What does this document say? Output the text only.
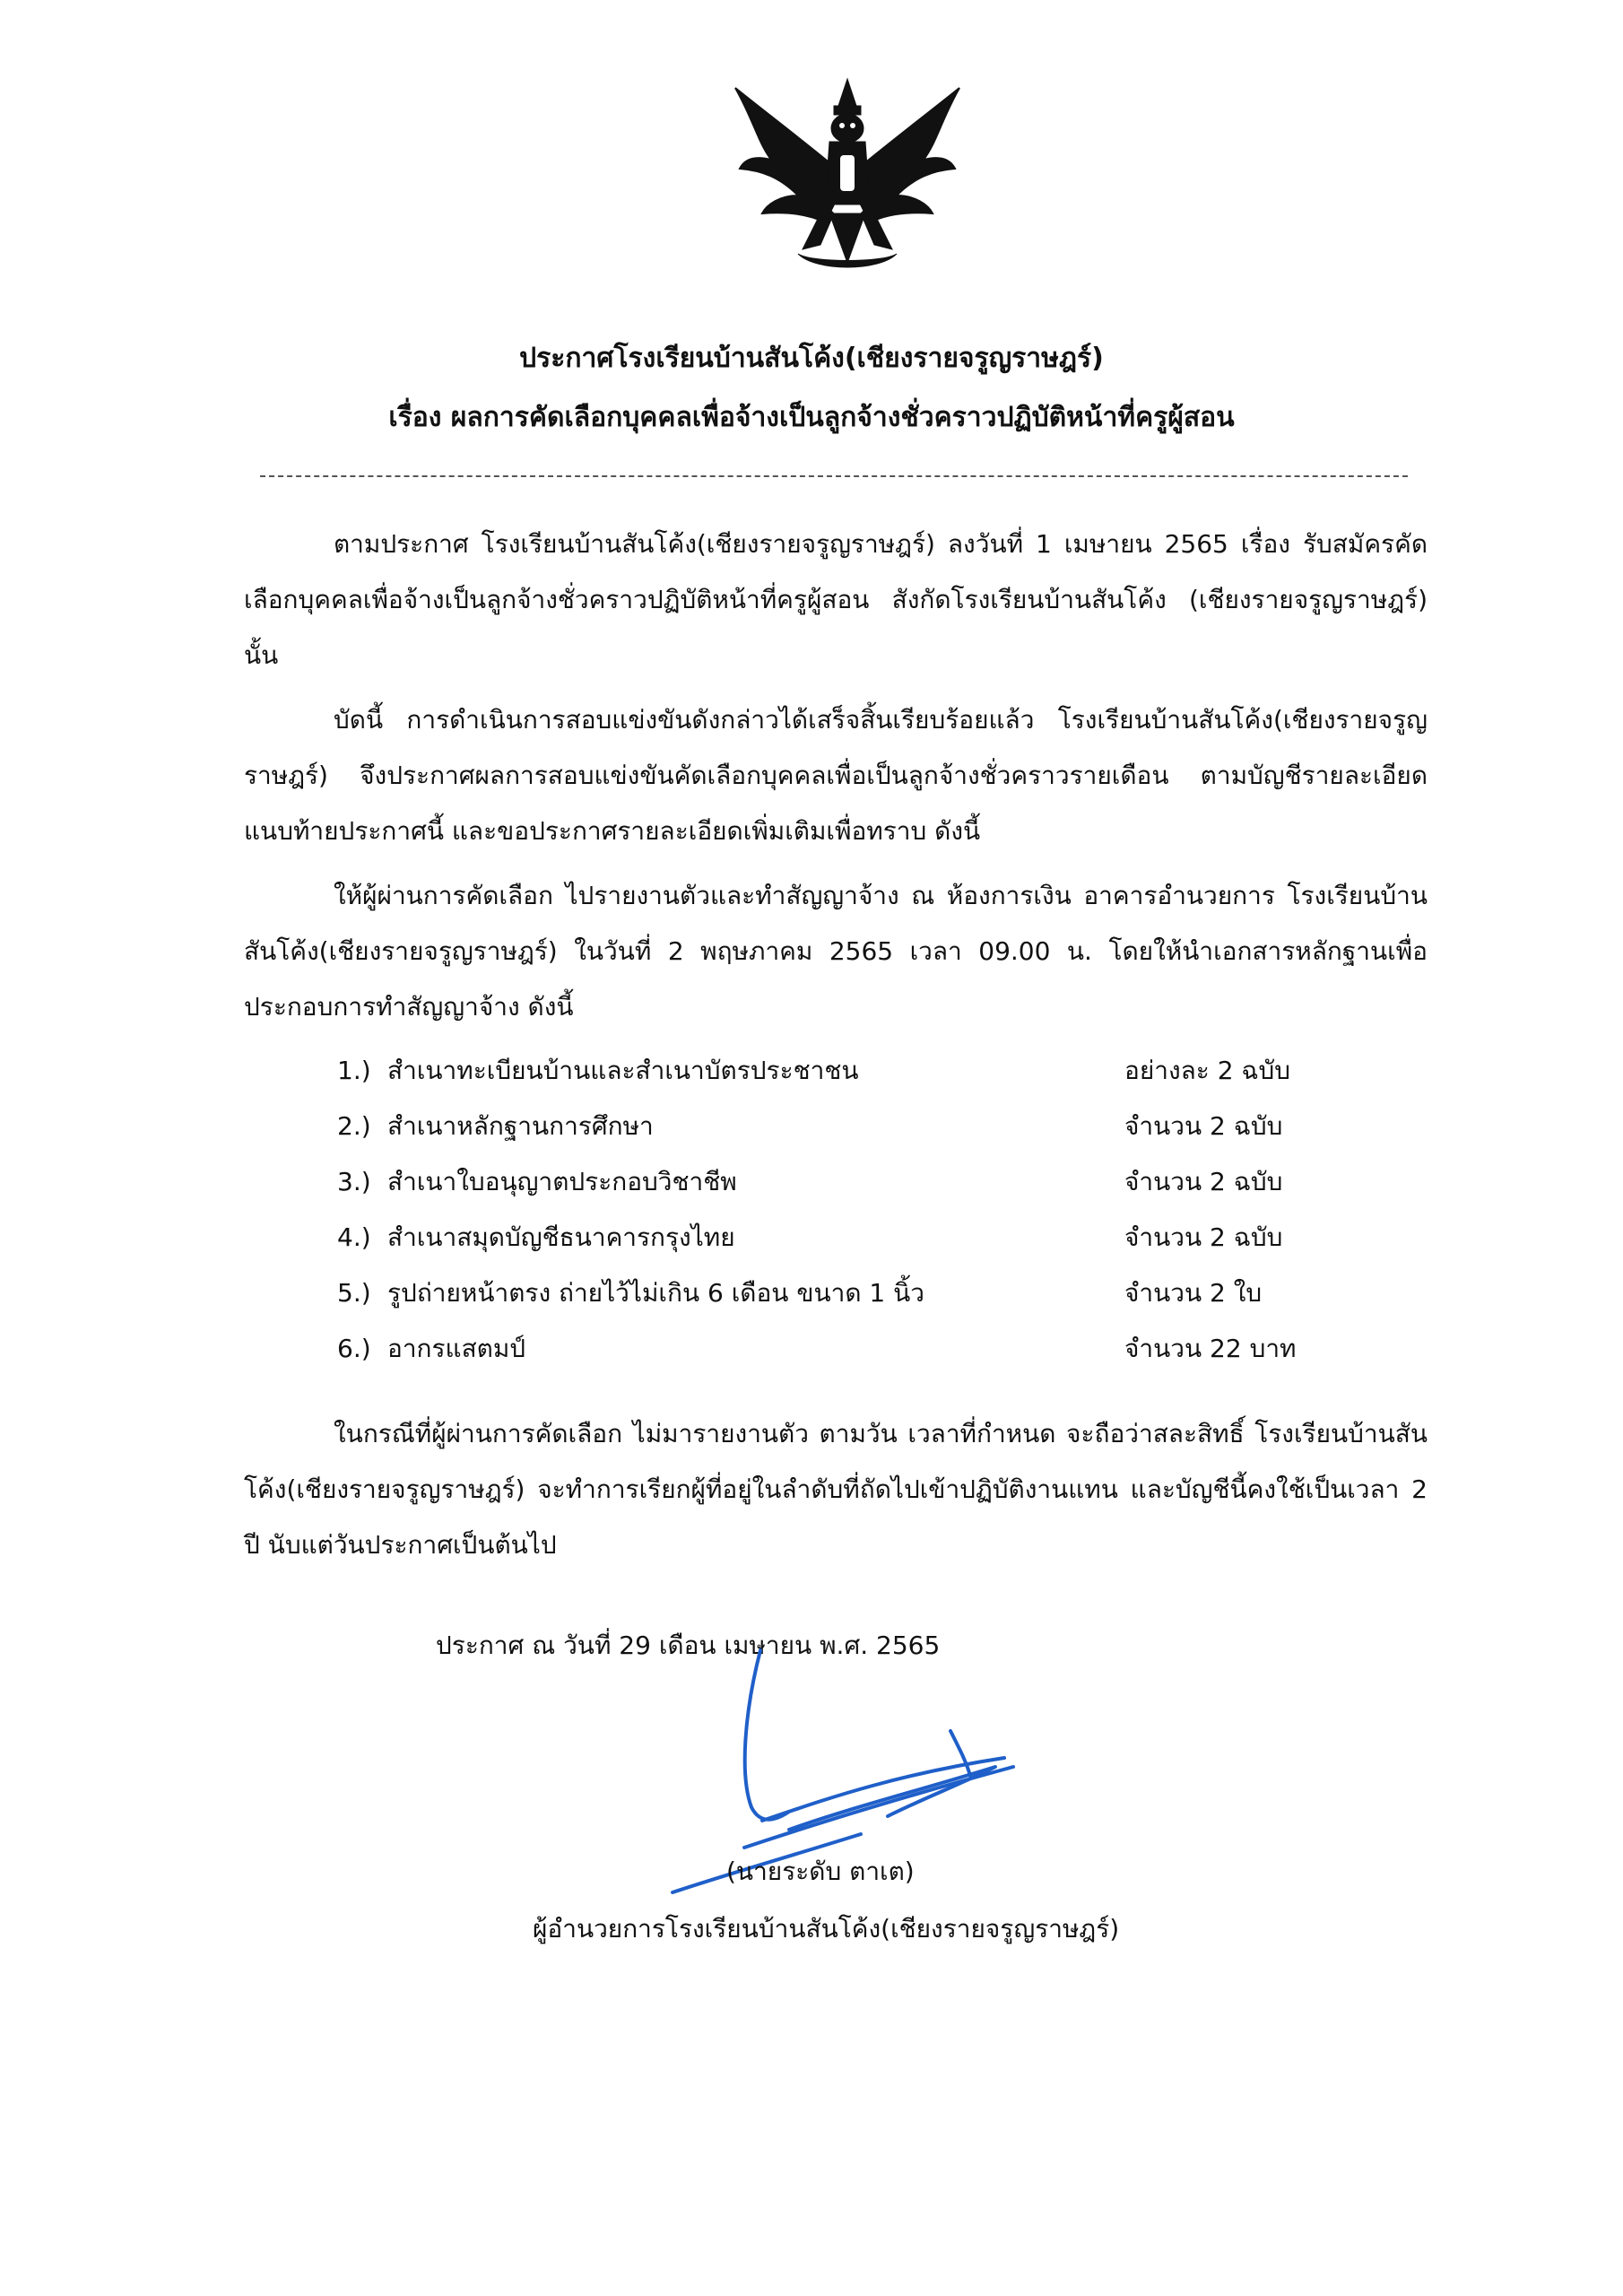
ประกาศโรงเรียนบ้านสันโค้ง(เชียงรายจรูญราษฎร์)
เรื่อง ผลการคัดเลือกบุคคลเพื่อจ้างเป็นลูกจ้างชั่วคราวปฏิบัติหน้าที่ครูผู้สอน
ตามประกาศ โรงเรียนบ้านสันโค้ง(เชียงรายจรูญราษฎร์) ลงวันที่ 1 เมษายน 2565 เรื่อง รับสมัครคัดเลือกบุคคลเพื่อจ้างเป็นลูกจ้างชั่วคราวปฏิบัติหน้าที่ครูผู้สอน สังกัดโรงเรียนบ้านสันโค้ง (เชียงรายจรูญราษฎร์) นั้น
บัดนี้ การดำเนินการสอบแข่งขันดังกล่าวได้เสร็จสิ้นเรียบร้อยแล้ว โรงเรียนบ้านสันโค้ง(เชียงรายจรูญราษฎร์) จึงประกาศผลการสอบแข่งขันคัดเลือกบุคคลเพื่อเป็นลูกจ้างชั่วคราวรายเดือน ตามบัญชีรายละเอียดแนบท้ายประกาศนี้ และขอประกาศรายละเอียดเพิ่มเติมเพื่อทราบ ดังนี้
ให้ผู้ผ่านการคัดเลือก ไปรายงานตัวและทำสัญญาจ้าง ณ ห้องการเงิน อาคารอำนวยการ โรงเรียนบ้านสันโค้ง(เชียงรายจรูญราษฎร์) ในวันที่ 2 พฤษภาคม 2565 เวลา 09.00 น. โดยให้นำเอกสารหลักฐานเพื่อประกอบการทำสัญญาจ้าง ดังนี้
1.) สำเนาทะเบียนบ้านและสำเนาบัตรประชาชน	อย่างละ 2 ฉบับ
2.) สำเนาหลักฐานการศึกษา	จำนวน 2 ฉบับ
3.) สำเนาใบอนุญาตประกอบวิชาชีพ	จำนวน 2 ฉบับ
4.) สำเนาสมุดบัญชีธนาคารกรุงไทย	จำนวน 2 ฉบับ
5.) รูปถ่ายหน้าตรง ถ่ายไว้ไม่เกิน 6 เดือน ขนาด 1 นิ้ว	จำนวน 2 ใบ
6.) อากรแสตมป์	จำนวน 22 บาท
ในกรณีที่ผู้ผ่านการคัดเลือก ไม่มารายงานตัว ตามวัน เวลาที่กำหนด จะถือว่าสละสิทธิ์ โรงเรียนบ้านสันโค้ง(เชียงรายจรูญราษฎร์) จะทำการเรียกผู้ที่อยู่ในลำดับที่ถัดไปเข้าปฏิบัติงานแทน และบัญชีนี้คงใช้เป็นเวลา 2 ปี นับแต่วันประกาศเป็นต้นไป
ประกาศ ณ วันที่ 29 เดือน เมษายน พ.ศ. 2565
(นายระดับ ตาเต)
ผู้อำนวยการโรงเรียนบ้านสันโค้ง(เชียงรายจรูญราษฎร์)
